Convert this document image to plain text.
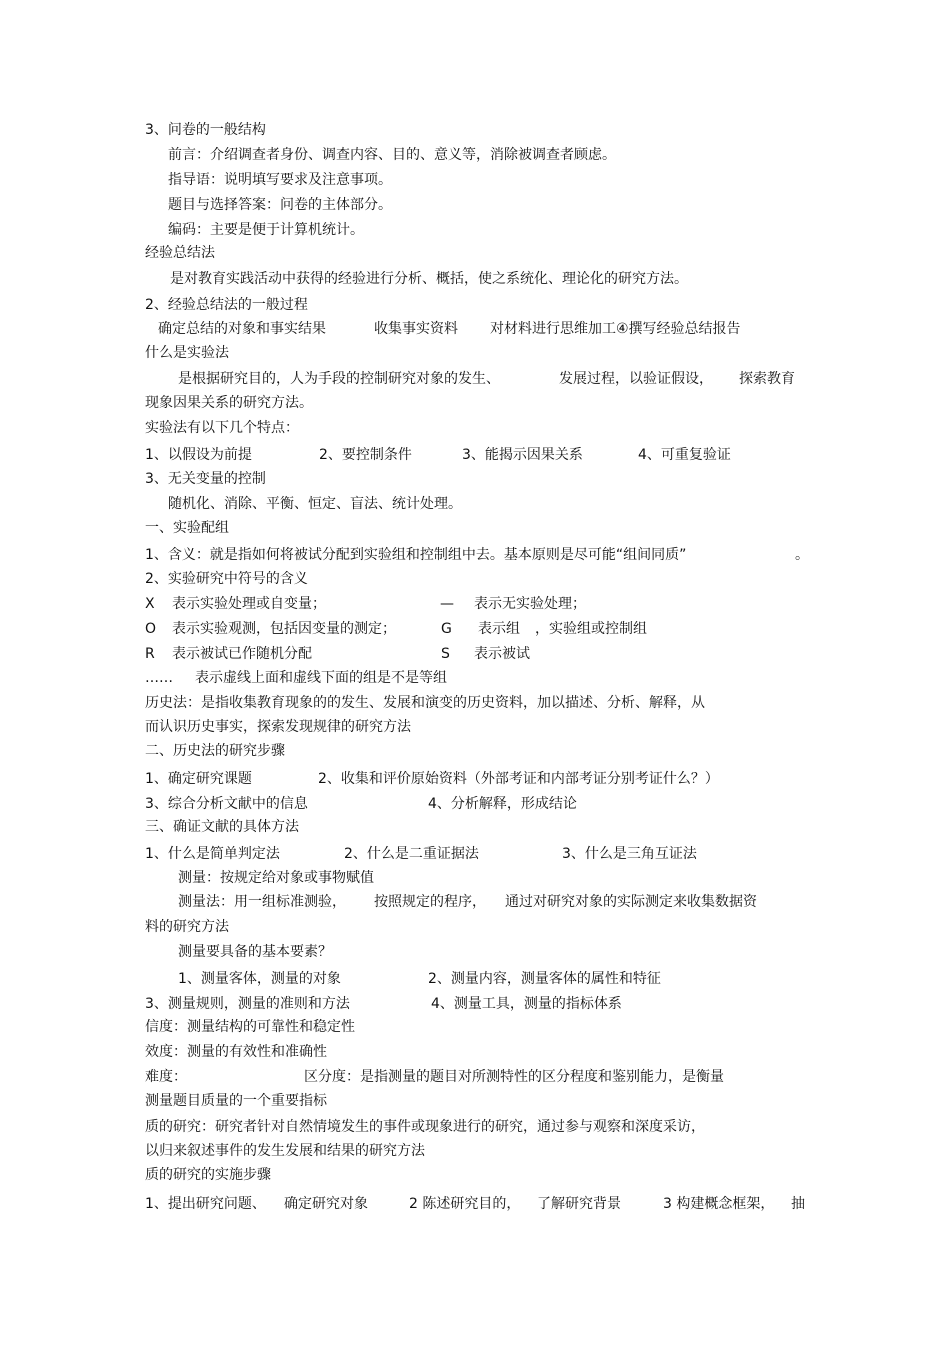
3、问卷的一般结构
前言：介绍调查者身份、调查内容、目的、意义等，消除被调查者顾虑。
指导语：说明填写要求及注意事项。
题目与选择答案：问卷的主体部分。
编码：主要是便于计算机统计。
经验总结法
是对教育实践活动中获得的经验进行分析、概括，使之系统化、理论化的研究方法。
2、经验总结法的一般过程
确定总结的对象和事实结果	收集事实资料 对材料进行思维加工④撰写经验总结报告
什么是实验法
是根据研究目的，人为手段的控制研究对象的发生、	发展过程，以验证假设， 探索教育
现象因果关系的研究方法。
实验法有以下几个特点：
1、以假设为前提	2、要控制条件	3、能揭示因果关系	4、可重复验证
3、无关变量的控制
随机化、消除、平衡、恒定、盲法、统计处理。
一、实验配组
1、含义：就是指如何将被试分配到实验组和控制组中去。基本原则是尽可能“组间同质”	。
2、实验研究中符号的含义
X 表示实验处理或自变量；	— 表示无实验处理；
O 表示实验观测，包括因变量的测定；	G 表示组 ，实验组或控制组
R 表示被试已作随机分配	S 表示被试
…… 表示虚线上面和虚线下面的组是不是等组
历史法：是指收集教育现象的的发生、发展和演变的历史资料，加以描述、分析、解释，从
而认识历史事实，探索发现规律的研究方法
二、历史法的研究步骤
1、确定研究课题	2、收集和评价原始资料（外部考证和内部考证分别考证什么？）
3、综合分析文献中的信息	4、分析解释，形成结论
三、确证文献的具体方法
1、什么是简单判定法	2、什么是二重证据法	3、什么是三角互证法
测量：按规定给对象或事物赋值
测量法：用一组标准测验， 按照规定的程序， 通过对研究对象的实际测定来收集数据资
料的研究方法
测量要具备的基本要素？
1、测量客体，测量的对象	2、测量内容，测量客体的属性和特征
3、测量规则，测量的准则和方法	4、测量工具，测量的指标体系
信度：测量结构的可靠性和稳定性
效度：测量的有效性和准确性
难度：	区分度：是指测量的题目对所测特性的区分程度和鉴别能力，是衡量
测量题目质量的一个重要指标
质的研究：研究者针对自然情境发生的事件或现象进行的研究，通过参与观察和深度采访，
以归来叙述事件的发生发展和结果的研究方法
质的研究的实施步骤
1、提出研究问题、 确定研究对象	2 陈述研究目的， 了解研究背景	3 构建概念框架， 抽
